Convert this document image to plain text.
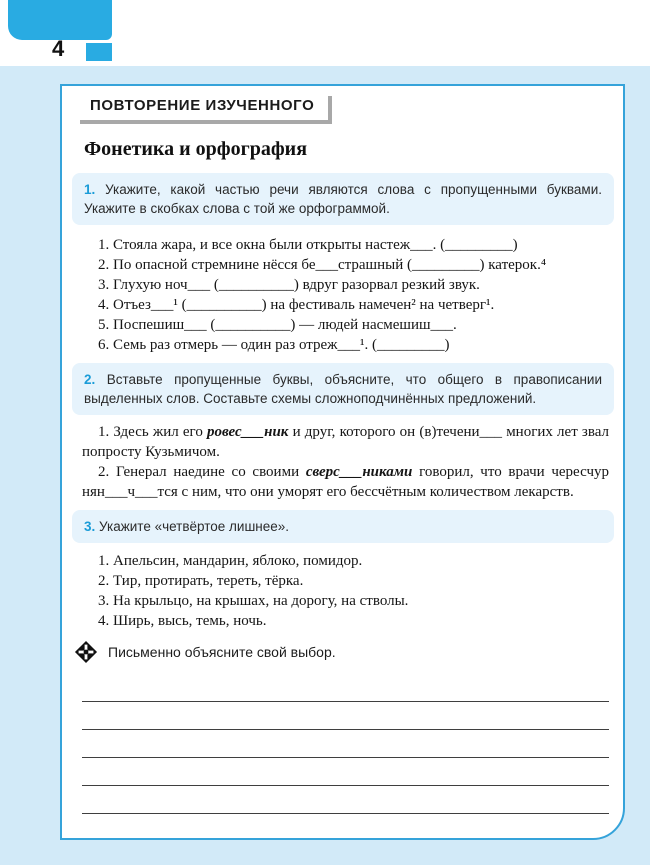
4
ПОВТОРЕНИЕ ИЗУЧЕННОГО
Фонетика и орфография
1. Укажите, какой частью речи являются слова с пропущенными буквами. Укажите в скобках слова с той же орфограммой.
1. Стояла жара, и все окна были открыты настеж___. (_________)
2. По опасной стремнине нёсся бе___страшный (_________) катерок.⁴
3. Глухую ноч___ (__________) вдруг разорвал резкий звук.
4. Отъез___¹ (__________) на фестиваль намечен² на четверг¹.
5. Поспешиш___ (__________) — людей насмешиш___.
6. Семь раз отмерь — один раз отреж___¹. (_________)
2. Вставьте пропущенные буквы, объясните, что общего в правописании выделенных слов. Составьте схемы сложноподчинённых предложений.

1. Здесь жил его ровес___ник и друг, которого он (в)течени___ многих лет звал попросту Кузьмичом.

2. Генерал наедине со своими сверс___никами говорил, что врачи чересчур нян___ч___тся с ним, что они уморят его бессчётным количеством лекарств.

3. Укажите «четвёртое лишнее».
1. Апельсин, мандарин, яблоко, помидор.
2. Тир, протирать, тереть, тёрка.
3. На крыльцо, на крышах, на дорогу, на стволы.
4. Ширь, высь, темь, ночь.
Письменно объясните свой выбор.
